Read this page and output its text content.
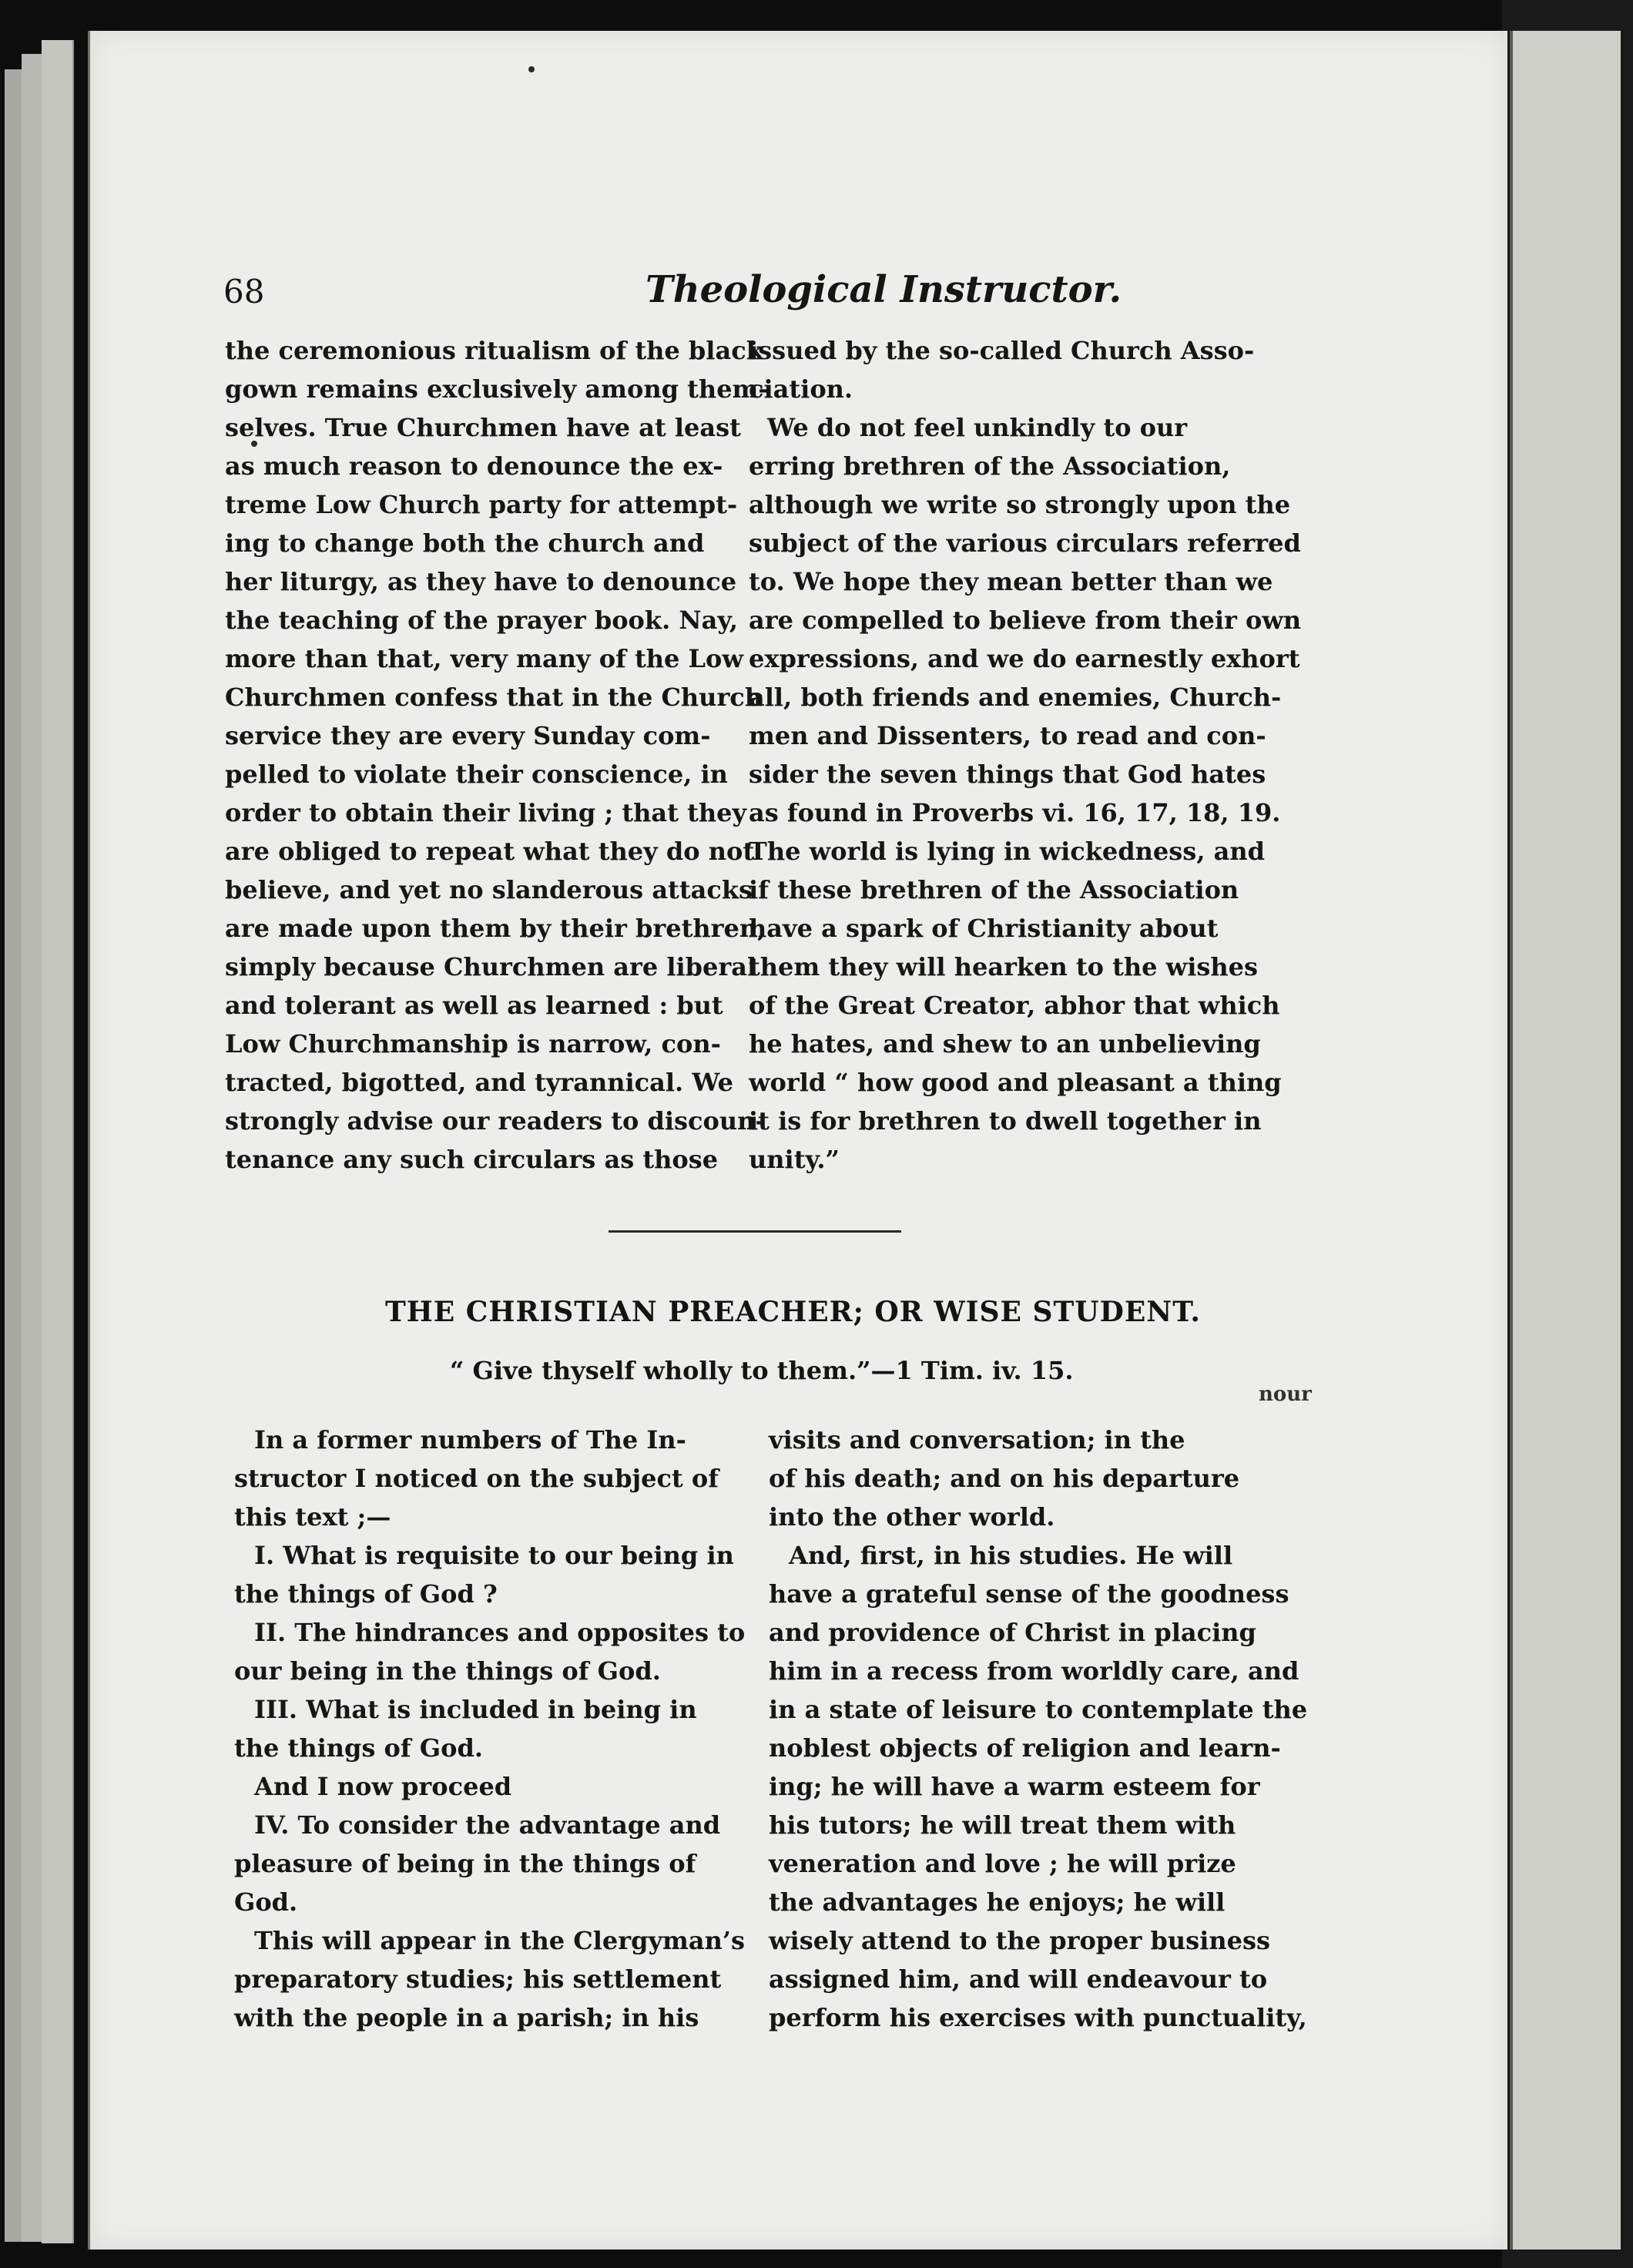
68	Theological Instructor.
the ceremonious ritualism of the black
gown remains exclusively among them-
selves. True Churchmen have at least
as much reason to denounce the ex-
treme Low Church party for attempt-
ing to change both the church and
her liturgy, as they have to denounce
the teaching of the prayer book. Nay,
more than that, very many of the Low
Churchmen confess that in the Church
service they are every Sunday com-
pelled to violate their conscience, in
order to obtain their living ; that they
are obliged to repeat what they do not
believe, and yet no slanderous attacks
are made upon them by their brethren,
simply because Churchmen are liberal
and tolerant as well as learned : but
Low Churchmanship is narrow, con-
tracted, bigotted, and tyrannical. We
strongly advise our readers to discoun-
tenance any such circulars as those
issued by the so-called Church Asso-
ciation.
We do not feel unkindly to our
erring brethren of the Association,
although we write so strongly upon the
subject of the various circulars referred
to. We hope they mean better than we
are compelled to believe from their own
expressions, and we do earnestly exhort
all, both friends and enemies, Church-
men and Dissenters, to read and con-
sider the seven things that God hates
as found in Proverbs vi. 16, 17, 18, 19.
The world is lying in wickedness, and
if these brethren of the Association
have a spark of Christianity about
them they will hearken to the wishes
of the Great Creator, abhor that which
he hates, and shew to an unbelieving
world “ how good and pleasant a thing
it is for brethren to dwell together in
unity.”
THE CHRISTIAN PREACHER; OR WISE STUDENT.
“ Give thyself wholly to them.”—1 Tim. iv. 15.
nour
In a former numbers of The In-
structor I noticed on the subject of
this text ;—
I. What is requisite to our being in
the things of God ?
II. The hindrances and opposites to
our being in the things of God.
III. What is included in being in
the things of God.
And I now proceed
IV. To consider the advantage and
pleasure of being in the things of
God.
This will appear in the Clergyman’s
preparatory studies; his settlement
with the people in a parish; in his
visits and conversation; in the
of his death; and on his departure
into the other world.
And, first, in his studies. He will
have a grateful sense of the goodness
and providence of Christ in placing
him in a recess from worldly care, and
in a state of leisure to contemplate the
noblest objects of religion and learn-
ing; he will have a warm esteem for
his tutors; he will treat them with
veneration and love ; he will prize
the advantages he enjoys; he will
wisely attend to the proper business
assigned him, and will endeavour to
perform his exercises with punctuality,
